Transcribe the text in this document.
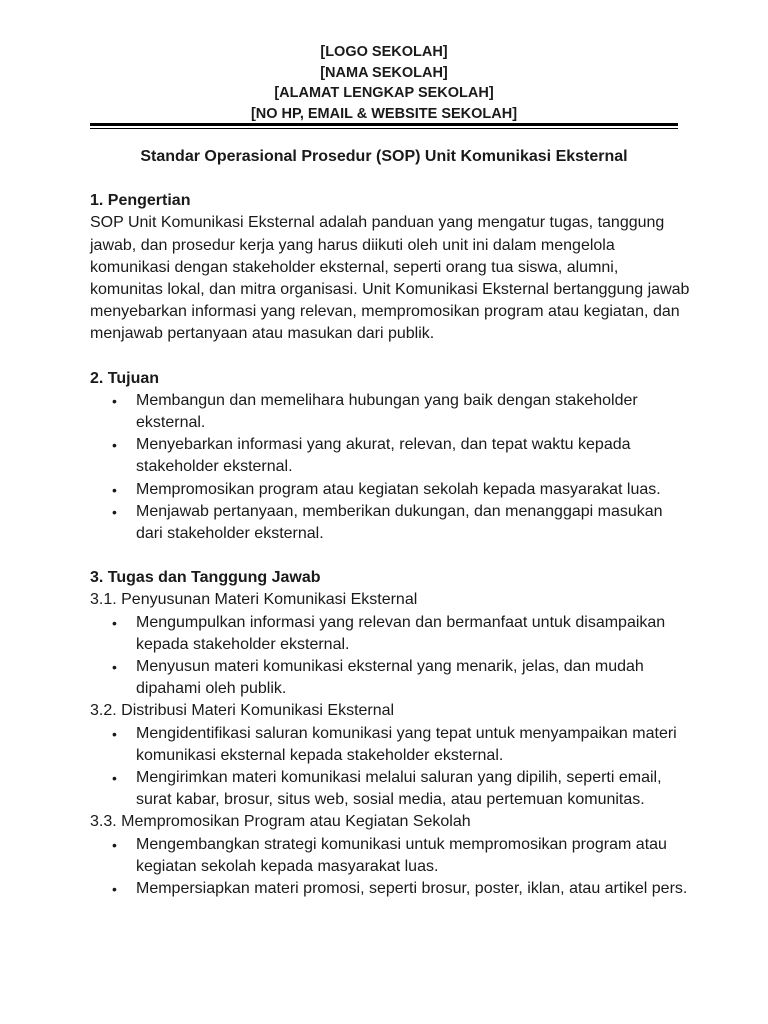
[LOGO SEKOLAH]
[NAMA SEKOLAH]
[ALAMAT LENGKAP SEKOLAH]
[NO HP, EMAIL & WEBSITE SEKOLAH]

Standar Operasional Prosedur (SOP) Unit Komunikasi Eksternal

1. Pengertian

SOP Unit Komunikasi Eksternal adalah panduan yang mengatur tugas, tanggung jawab, dan prosedur kerja yang harus diikuti oleh unit ini dalam mengelola komunikasi dengan stakeholder eksternal, seperti orang tua siswa, alumni, komunitas lokal, dan mitra organisasi. Unit Komunikasi Eksternal bertanggung jawab menyebarkan informasi yang relevan, mempromosikan program atau kegiatan, dan menjawab pertanyaan atau masukan dari publik.

2. Tujuan

• Membangun dan memelihara hubungan yang baik dengan stakeholder eksternal.
• Menyebarkan informasi yang akurat, relevan, dan tepat waktu kepada stakeholder eksternal.
• Mempromosikan program atau kegiatan sekolah kepada masyarakat luas.
• Menjawab pertanyaan, memberikan dukungan, dan menanggapi masukan dari stakeholder eksternal.

3. Tugas dan Tanggung Jawab

3.1. Penyusunan Materi Komunikasi Eksternal

• Mengumpulkan informasi yang relevan dan bermanfaat untuk disampaikan kepada stakeholder eksternal.
• Menyusun materi komunikasi eksternal yang menarik, jelas, dan mudah dipahami oleh publik.

3.2. Distribusi Materi Komunikasi Eksternal

• Mengidentifikasi saluran komunikasi yang tepat untuk menyampaikan materi komunikasi eksternal kepada stakeholder eksternal.
• Mengirimkan materi komunikasi melalui saluran yang dipilih, seperti email, surat kabar, brosur, situs web, sosial media, atau pertemuan komunitas.

3.3. Mempromosikan Program atau Kegiatan Sekolah

• Mengembangkan strategi komunikasi untuk mempromosikan program atau kegiatan sekolah kepada masyarakat luas.
• Mempersiapkan materi promosi, seperti brosur, poster, iklan, atau artikel pers.
